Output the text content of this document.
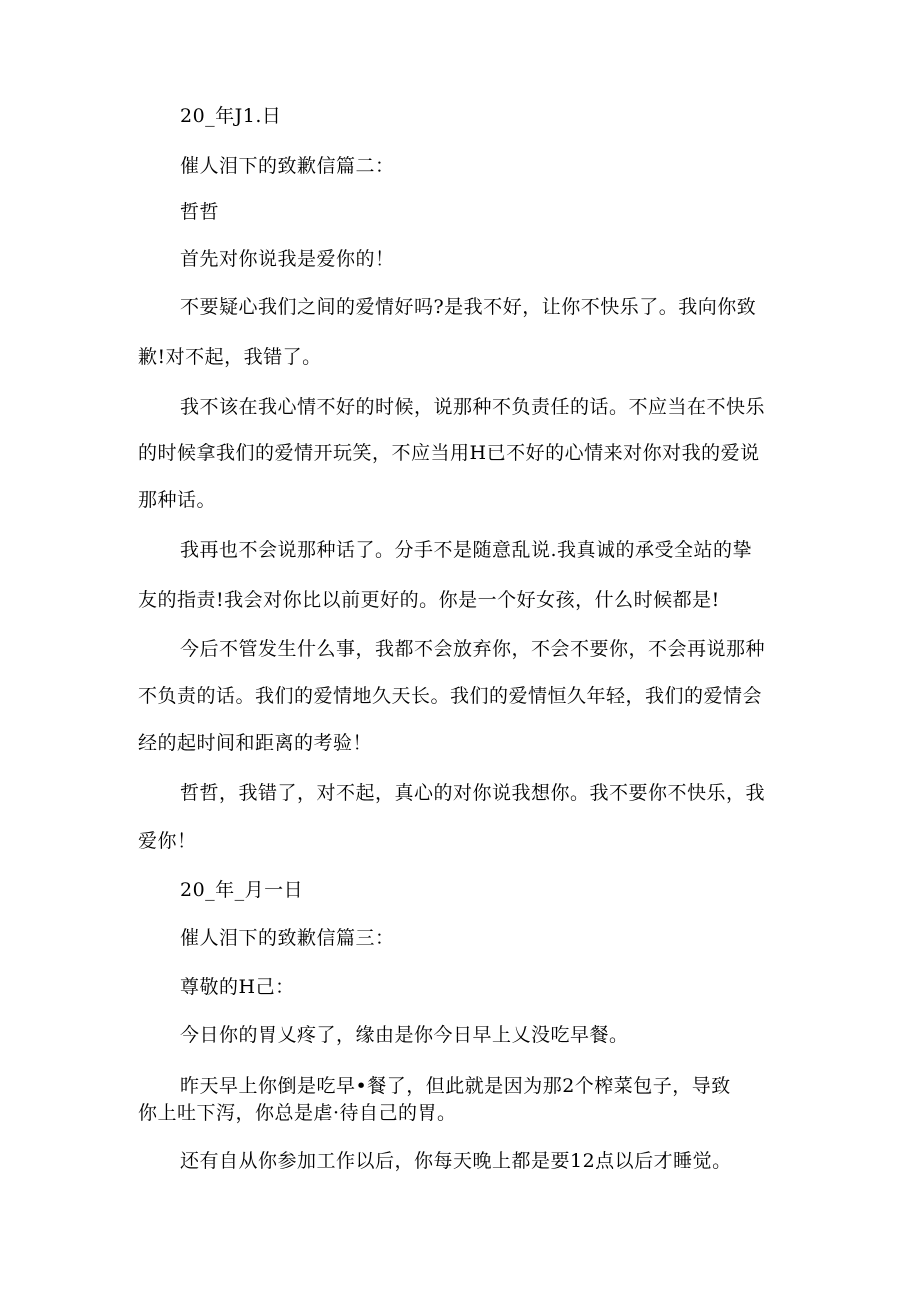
20_年J1.日
催人泪下的致歉信篇二：
哲哲
首先对你说我是爱你的！
不要疑心我们之间的爱情好吗?是我不好，让你不快乐了。我向你致
歉!对不起，我错了。
我不该在我心情不好的时候，说那种不负责任的话。不应当在不快乐
的时候拿我们的爱情开玩笑，不应当用H已不好的心情来对你对我的爱说
那种话。
我再也不会说那种话了。分手不是随意乱说.我真诚的承受全站的挚
友的指责!我会对你比以前更好的。你是一个好女孩，什么时候都是!
今后不管发生什么事，我都不会放弃你，不会不要你，不会再说那种
不负责的话。我们的爱情地久天长。我们的爱情恒久年轻，我们的爱情会
经的起时间和距离的考验！
哲哲，我错了，对不起，真心的对你说我想你。我不要你不快乐，我
爱你！
20_年_月一日
催人泪下的致歉信篇三：
尊敬的H己：
今日你的胃乂疼了，缘由是你今日早上乂没吃早餐。
昨天早上你倒是吃早•餐了，但此就是因为那2个榨菜包子，导致
你上吐下泻，你总是虐·待自己的胃。
还有自从你参加工作以后，你每天晚上都是要12点以后才睡觉。
